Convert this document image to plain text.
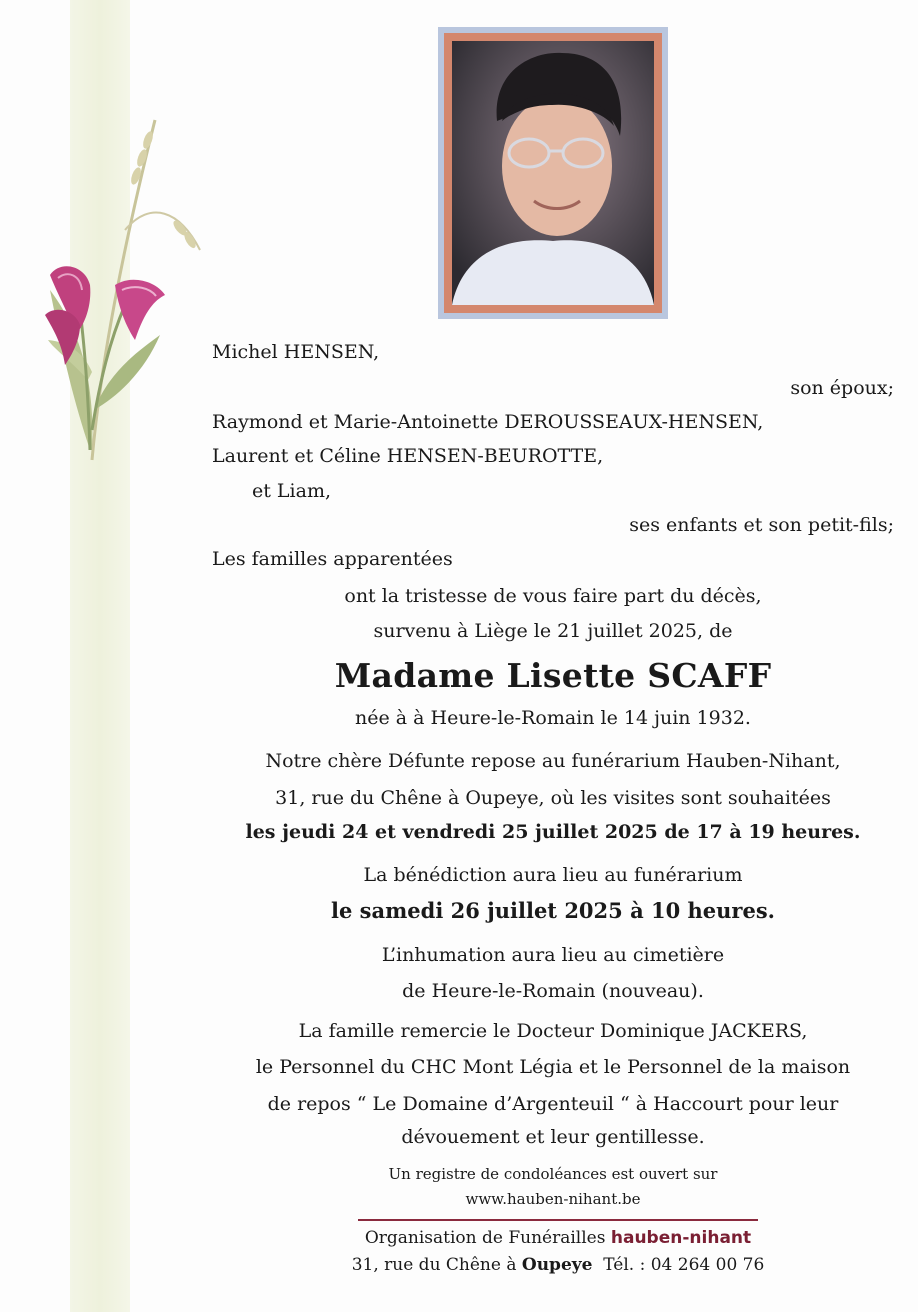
Michel HENSEN,
son époux;
Raymond et Marie-Antoinette DEROUSSEAUX-HENSEN,
Laurent et Céline HENSEN-BEUROTTE,
et Liam,
ses enfants et son petit-fils;
Les familles apparentées
ont la tristesse de vous faire part du décès,
survenu à Liège le 21 juillet 2025, de
Madame Lisette SCAFF
née à à Heure-le-Romain le 14 juin 1932.
Notre chère Défunte repose au funérarium Hauben-Nihant,
31, rue du Chêne à Oupeye, où les visites sont souhaitées
les jeudi 24 et vendredi 25 juillet 2025 de 17 à 19 heures.
La bénédiction aura lieu au funérarium
le samedi 26 juillet 2025 à 10 heures.
L’inhumation aura lieu au cimetière
de Heure-le-Romain (nouveau).
La famille remercie le Docteur Dominique JACKERS,
le Personnel du CHC Mont Légia et le Personnel de la maison
de repos “ Le Domaine d’Argenteuil “ à Haccourt pour leur
dévouement et leur gentillesse.
Un registre de condoléances est ouvert sur
www.hauben-nihant.be
Organisation de Funérailles hauben-nihant
31, rue du Chêne à Oupeye Tél. : 04 264 00 76
